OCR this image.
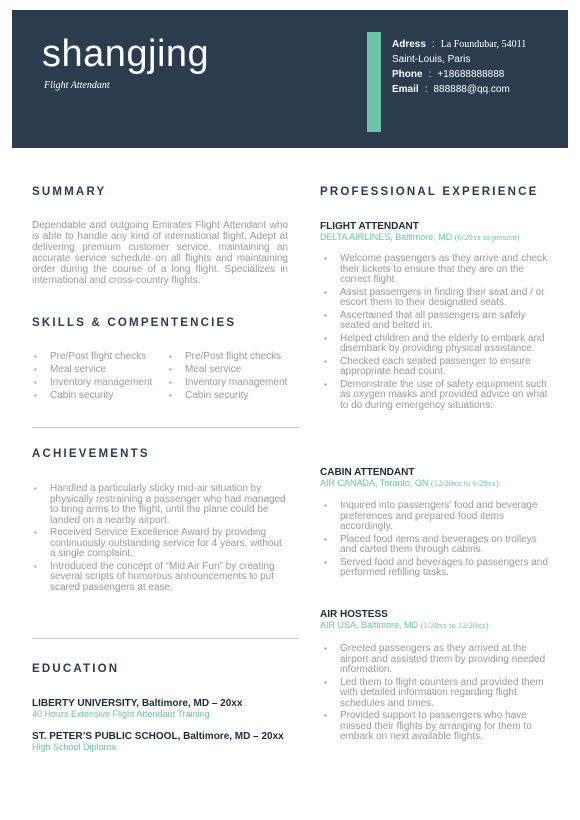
shangjing
Flight Attendant
Adress : La Foundubar, 54011
Saint-Louis, Paris
Phone : +18688888888
Email : 888888@qq.com
SUMMARY
Dependable and outgoing Emirates Flight Attendant who is able to handle any kind of international flight. Adept at delivering premium customer service, maintaining an accurate service schedule on all flights and maintaining order during the course of a long flight. Specializes in international and cross-country flights.
SKILLS & COMPENTENCIES
▪ Pre/Post flight checks
▪ Meal service
▪ Inventory management
▪ Cabin security
▪ Pre/Post flight checks
▪ Meal service
▪ Inventory management
▪ Cabin security
ACHIEVEMENTS
▪ Handled a particularly sticky mid-air situation by physically restraining a passenger who had managed to bring arms to the flight, until the plane could be landed on a nearby airport.
▪ Received Service Excellence Award by providing continuously outstanding service for 4 years, without a single complaint.
▪ Introduced the concept of “Mid Air Fun” by creating several scripts of humorous announcements to put scared passengers at ease.
EDUCATION
LIBERTY UNIVERSITY, Baltimore, MD – 20xx
40 Hours Extensive Flight Attendant Training
ST. PETER’S PUBLIC SCHOOL, Baltimore, MD – 20xx
High School Diploma
PROFESSIONAL EXPERIENCE
FLIGHT ATTENDANT
DELTA AIRLINES, Baltimore, MD (6/20xx to present)
▪ Welcome passengers as they arrive and check their tickets to ensure that they are on the correct flight.
▪ Assist passengers in finding their seat and / or escort them to their designated seats.
▪ Ascertained that all passengers are safely seated and belted in.
▪ Helped children and the elderly to embark and disembark by providing physical assistance.
▪ Checked each seated passenger to ensure appropriate head count.
▪ Demonstrate the use of safety equipment such as oxygen masks and provided advice on what to do during emergency situations.
CABIN ATTENDANT
AIR CANADA, Toronto, ON (12/20xx to 6/20xx)
▪ Inquired into passengers’ food and beverage preferences and prepared food items accordingly.
▪ Placed food items and beverages on trolleys and carted them through cabins.
▪ Served food and beverages to passengers and performed refilling tasks.
AIR HOSTESS
AIR USA, Baltimore, MD (1/20xx to 12/20xx)
▪ Greeted passengers as they arrived at the airport and assisted them by providing needed information.
▪ Led them to flight counters and provided them with detailed information regarding flight schedules and times.
▪ Provided support to passengers who have missed their flights by arranging for them to embark on next available flights.
